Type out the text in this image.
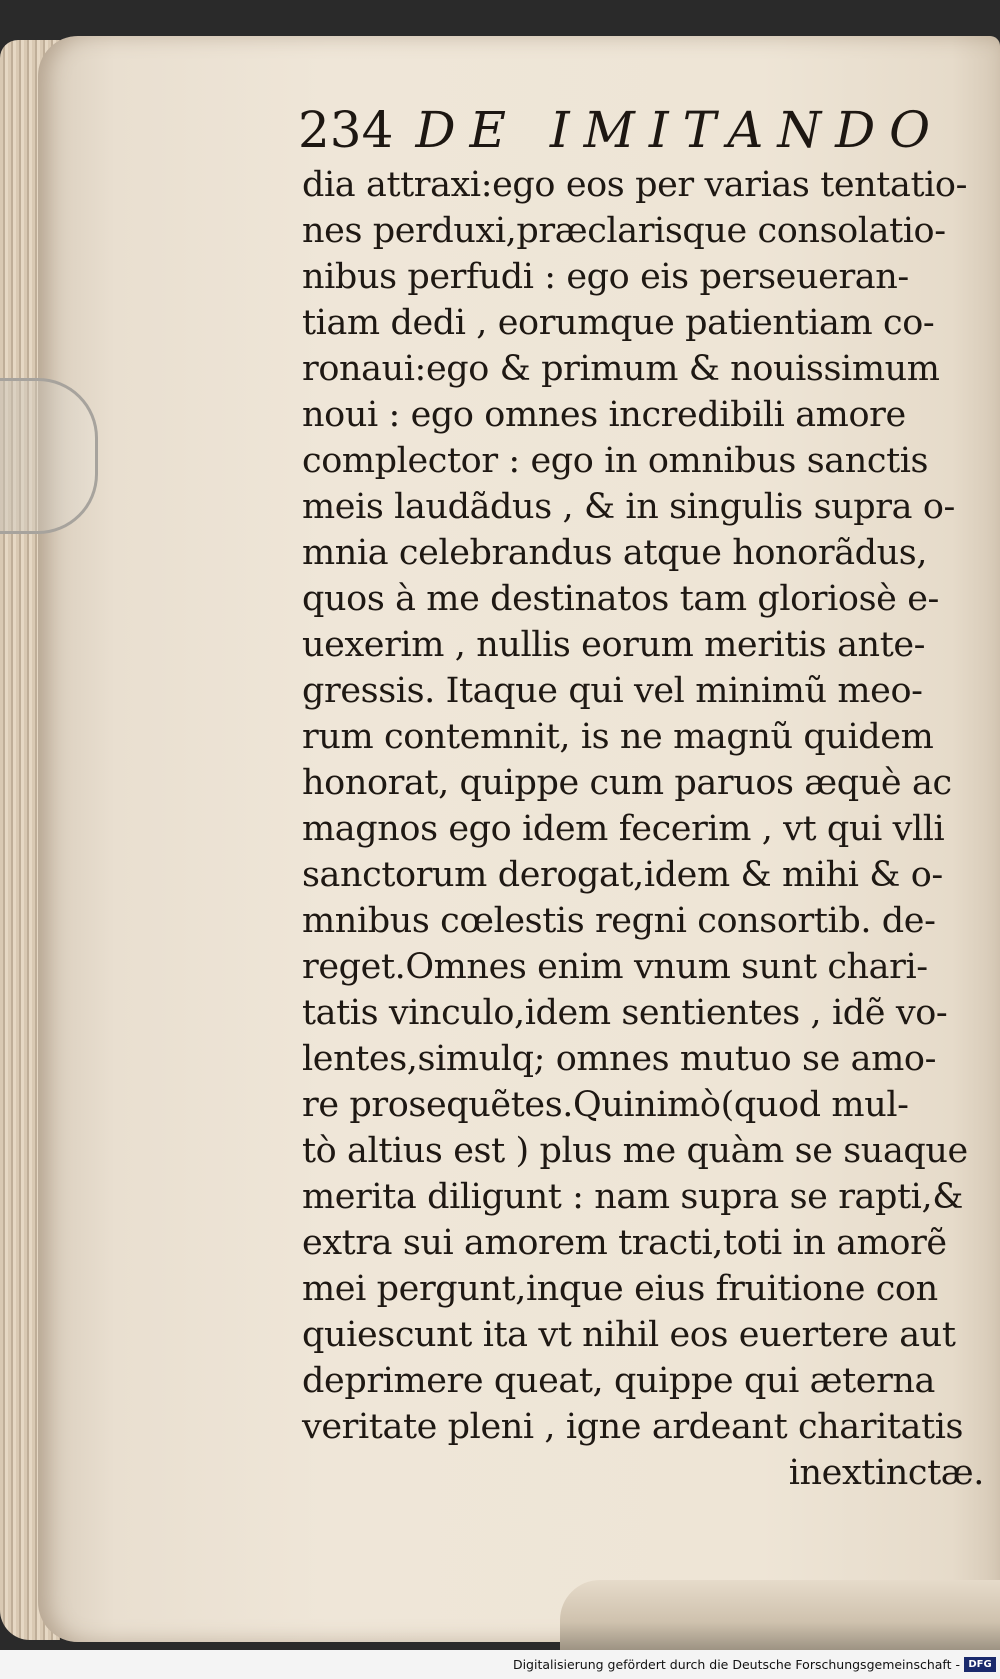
234 DE IMITANDO
dia attraxi:ego eos per varias tentatio-
nes perduxi,præclarisque consolatio-
nibus perfudi : ego eis perseueran-
tiam dedi , eorumque patientiam co-
ronaui:ego & primum & nouissimum
noui : ego omnes incredibili amore
complector : ego in omnibus sanctis
meis laudãdus , & in singulis supra o-
mnia celebrandus atque honorãdus,
quos à me destinatos tam gloriosè e-
uexerim , nullis eorum meritis ante-
gressis. Itaque qui vel minimũ meo-
rum contemnit, is ne magnũ quidem
honorat, quippe cum paruos æquè ac
magnos ego idem fecerim , vt qui vlli
sanctorum derogat,idem & mihi & o-
mnibus cœlestis regni consortib. de-
reget.Omnes enim vnum sunt chari-
tatis vinculo,idem sentientes , idẽ vo-
lentes,simulq; omnes mutuo se amo-
re prosequẽtes.Quinimò(quod mul-
tò altius est ) plus me quàm se suaque
merita diligunt : nam supra se rapti,&
extra sui amorem tracti,toti in amorẽ
mei pergunt,inque eius fruitione con
quiescunt ita vt nihil eos euertere aut
deprimere queat, quippe qui æterna
veritate pleni , igne ardeant charitatis
inextinctæ.
Digitalisierung gefördert durch die Deutsche Forschungsgemeinschaft - DFG
